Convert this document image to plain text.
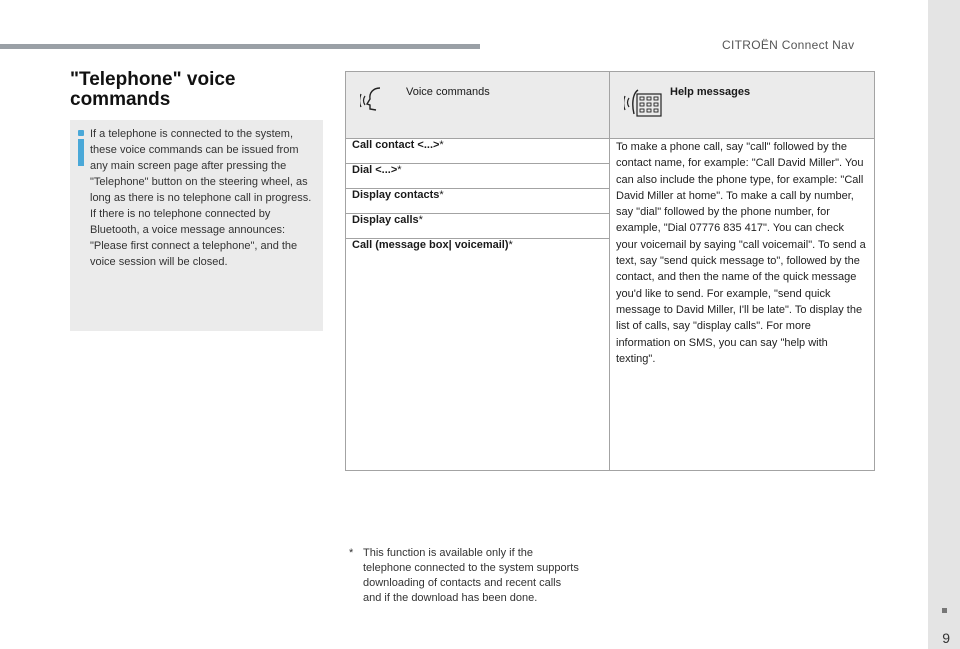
CITROËN Connect Nav
9
"Telephone" voice commands
If a telephone is connected to the system, these voice commands can be issued from any main screen page after pressing the "Telephone" button on the steering wheel, as long as there is no telephone call in progress.
If there is no telephone connected by Bluetooth, a voice message announces: "Please first connect a telephone", and the voice session will be closed.
Voice commands	Help messages

Call contact <...>*	To make a phone call, say "call" followed by the contact name, for example: "Call David Miller". You can also include the phone type, for example: "Call David Miller at home". To make a call by number, say "dial" followed by the phone number, for example, "Dial 07776 835 417". You can check your voicemail by saying "call voicemail". To send a text, say "send quick message to", followed by the contact, and then the name of the quick message you'd like to send. For example, "send quick message to David Miller, I'll be late". To display the list of calls, say "display calls". For more information on SMS, you can say "help with texting".
Dial <...>*	
Display contacts*	
Display calls*	
Call (message box| voicemail)*	
* This function is available only if the telephone connected to the system supports downloading of contacts and recent calls and if the download has been done.
